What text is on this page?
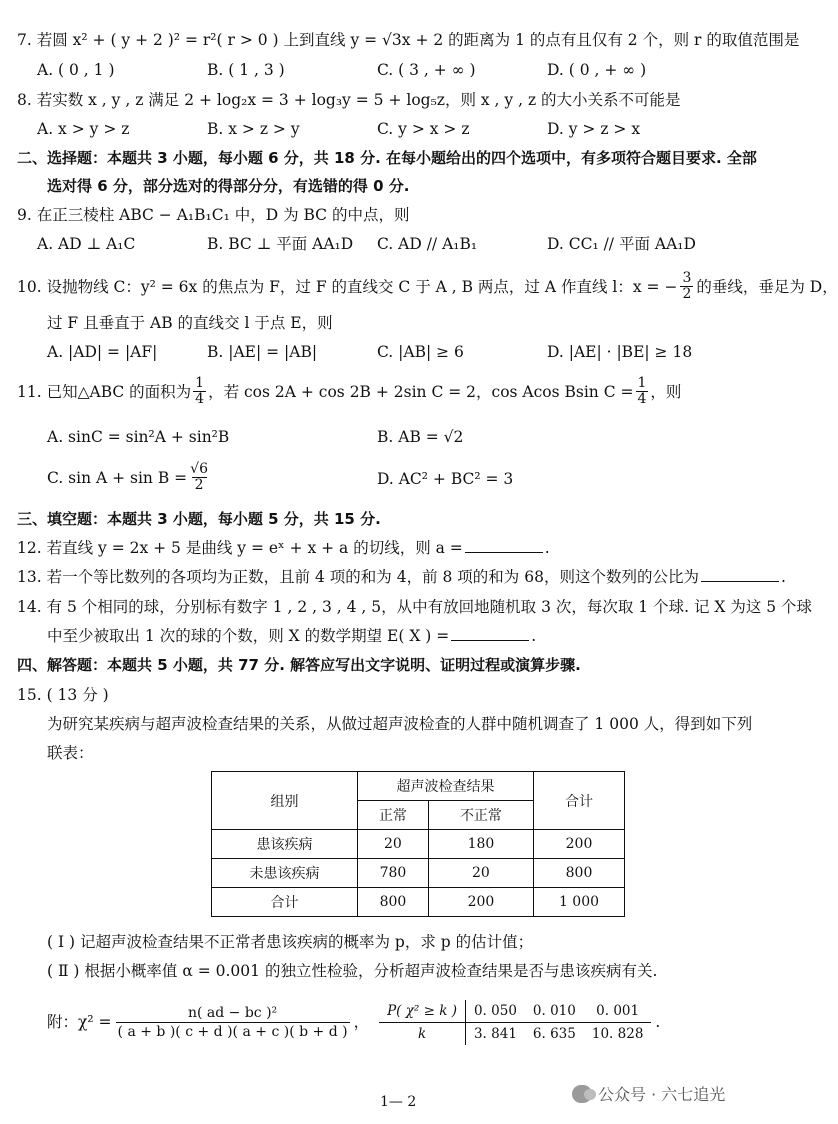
7. 若圆 x² + ( y + 2 )² = r²( r > 0 ) 上到直线 y = √3x + 2 的距离为 1 的点有且仅有 2 个，则 r 的取值范围是
A. ( 0 , 1 )	B. ( 1 , 3 )	C. ( 3 , + ∞ )	D. ( 0 , + ∞ )
8. 若实数 x , y , z 满足 2 + log₂x = 3 + log₃y = 5 + log₅z，则 x , y , z 的大小关系不可能是
A. x > y > z	B. x > z > y	C. y > x > z	D. y > z > x
二、选择题：本题共 3 小题，每小题 6 分，共 18 分. 在每小题给出的四个选项中，有多项符合题目要求. 全部
选对得 6 分，部分选对的得部分分，有选错的得 0 分.
9. 在正三棱柱 ABC − A₁B₁C₁ 中，D 为 BC 的中点，则
A. AD ⊥ A₁C	B. BC ⊥ 平面 AA₁D C. AD // A₁B₁	D. CC₁ // 平面 AA₁D
10. 设抛物线 C：y² = 6x 的焦点为 F，过 F 的直线交 C 于 A , B 两点，过 A 作直线 l：x = − $\frac{3}{2}$ 的垂线，垂足为 D，
过 F 且垂直于 AB 的直线交 l 于点 E，则
A. |AD| = |AF|	B. |AE| = |AB|	C. |AB| ≥ 6	D. |AE| · |BE| ≥ 18
11. 已知△ABC 的面积为 $\frac{1}{4}$ ，若 cos 2A + cos 2B + 2sin C = 2，cos Acos Bsin $C = \frac{1}{4}$ ，则
A. sinC = sin²A + sin²B	B. AB = √2
C. $\sin A + \sin B = \frac{√6}{2}$	D. AC² + BC² = 3
三、填空题：本题共 3 小题，每小题 5 分，共 15 分.
12. 若直线 y = 2x + 5 是曲线 y = eˣ + x + a 的切线，则 a =	.
13. 若一个等比数列的各项均为正数，且前 4 项的和为 4，前 8 项的和为 68，则这个数列的公比为	.
14. 有 5 个相同的球，分别标有数字 1 , 2 , 3 , 4 , 5，从中有放回地随机取 3 次，每次取 1 个球. 记 X 为这 5 个球
中至少被取出 1 次的球的个数，则 X 的数学期望 E( X ) =	.
四、解答题：本题共 5 小题，共 77 分. 解答应写出文字说明、证明过程或演算步骤.
15. ( 13 分 )
为研究某疾病与超声波检查结果的关系，从做过超声波检查的人群中随机调查了 1 000 人，得到如下列
联表：
组别	超声波检查结果		合计
	正常	不正常	
患该疾病	20	180	200
未患该疾病	780	20	800
合计	800	200	1 000
( Ⅰ ) 记超声波检查结果不正常者患该疾病的概率为 p，求 p 的估计值；
( Ⅱ ) 根据小概率值 α = 0.001 的独立性检验，分析超声波检查结果是否与患该疾病有关.
附：$\chi^2 = \frac{\text{n( ad − bc )²}}{( a + b )( c + d )( a + c )( b + d )}$ ，
P( χ² ≥ k )	0. 050	0. 010	0. 001
k	3. 841	6. 635	10. 828
.
1— 2	公众号 · 六七追光
